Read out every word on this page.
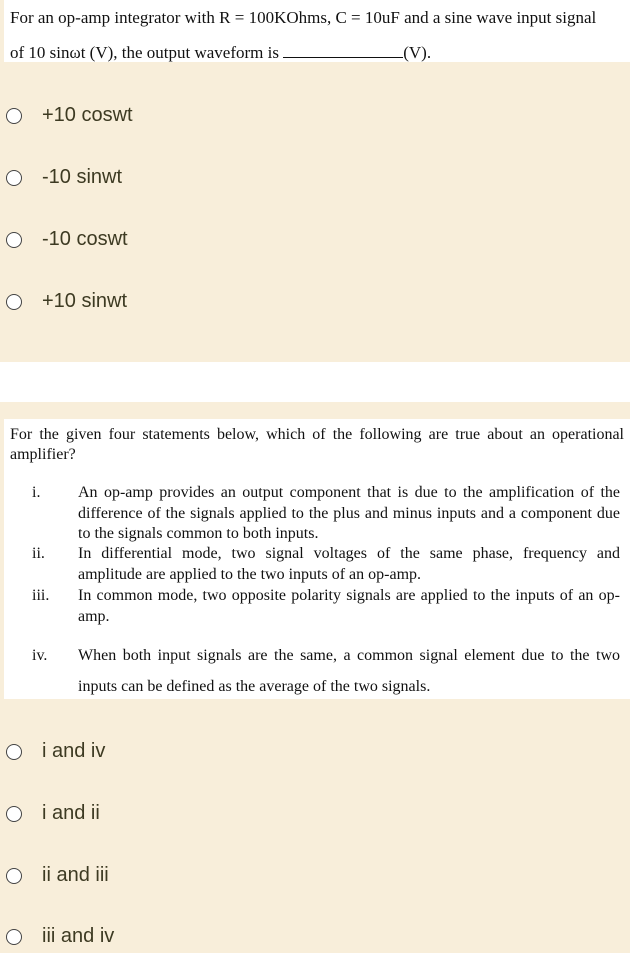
For an op-amp integrator with R = 100KOhms, C = 10uF and a sine wave input signal
of 10 sinωt (V), the output waveform is	(V).
+10 coswt
-10 sinwt
-10 coswt
+10 sinwt
For the given four statements below, which of the following are true about an operational amplifier?
i. An op-amp provides an output component that is due to the amplification of the difference of the signals applied to the plus and minus inputs and a component due to the signals common to both inputs.
ii. In differential mode, two signal voltages of the same phase, frequency and amplitude are applied to the two inputs of an op-amp.
iii. In common mode, two opposite polarity signals are applied to the inputs of an op-amp.
iv. When both input signals are the same, a common signal element due to the two inputs can be defined as the average of the two signals.
i and iv
i and ii
ii and iii
iii and iv
